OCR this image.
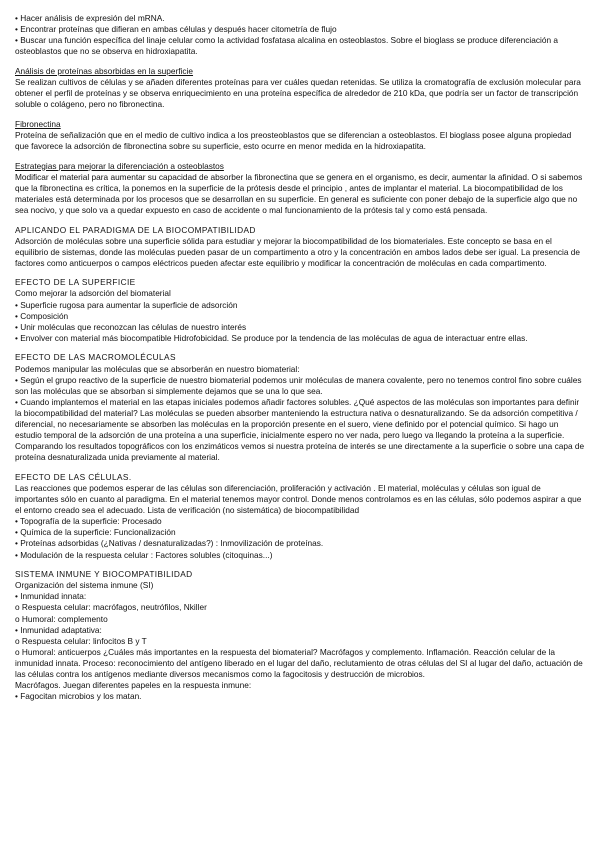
• Hacer análisis de expresión del mRNA.
• Encontrar proteínas que difieran en ambas células y después hacer citometría de flujo
• Buscar una función específica del linaje celular como la actividad fosfatasa alcalina en osteoblastos. Sobre el bioglass se produce diferenciación a osteoblastos que no se observa en hidroxiapatita.
Análisis de proteínas absorbidas en la superficie
Se realizan cultivos de células y se añaden diferentes proteínas para ver cuáles quedan retenidas. Se utiliza la cromatografía de exclusión molecular para obtener el perfil de proteínas y se observa enriquecimiento en una proteína específica de alrededor de 210 kDa, que podría ser un factor de transcripción soluble o colágeno, pero no fibronectina.
Fibronectina
Proteína de señalización que en el medio de cultivo indica a los preosteoblastos que se diferencian a osteoblastos. El bioglass posee alguna propiedad que favorece la adsorción de fibronectina sobre su superficie, esto ocurre en menor medida en la hidroxiapatita.
Estrategias para mejorar la diferenciación a osteoblastos
Modificar el material para aumentar su capacidad de absorber la fibronectina que se genera en el organismo, es decir, aumentar la afinidad. O si sabemos que la fibronectina es crítica, la ponemos en la superficie de la prótesis desde el principio , antes de implantar el material. La biocompatibilidad de los materiales está determinada por los procesos que se desarrollan en su superficie. En general es suficiente con poner debajo de la superficie algo que no sea nocivo, y que solo va a quedar expuesto en caso de accidente o mal funcionamiento de la prótesis tal y como está pensada.
APLICANDO EL PARADIGMA DE LA BIOCOMPATIBILIDAD
Adsorción de moléculas sobre una superficie sólida para estudiar y mejorar la biocompatibilidad de los biomateriales. Este concepto se basa en el equilibrio de sistemas, donde las moléculas pueden pasar de un compartimento a otro y la concentración en ambos lados debe ser igual. La presencia de factores como anticuerpos o campos eléctricos pueden afectar este equilibrio y modificar la concentración de moléculas en cada compartimento.
EFECTO DE LA SUPERFICIE
Como mejorar la adsorción del biomaterial
• Superficie rugosa para aumentar la superficie de adsorción
• Composición
• Unir moléculas que reconozcan las células de nuestro interés
• Envolver con material más biocompatible Hidrofobicidad. Se produce por la tendencia de las moléculas de agua de interactuar entre ellas.
EFECTO DE LAS MACROMOLÉCULAS
Podemos manipular las moléculas que se absorberán en nuestro biomaterial:
• Según el grupo reactivo de la superficie de nuestro biomaterial podemos unir moléculas de manera covalente, pero no tenemos control fino sobre cuáles son las moléculas que se absorban si simplemente dejamos que se una lo que sea.
• Cuando implantemos el material en las etapas iniciales podemos añadir factores solubles. ¿Qué aspectos de las moléculas son importantes para definir la biocompatibilidad del material? Las moléculas se pueden absorber manteniendo la estructura nativa o desnaturalizando. Se da adsorción competitiva / diferencial, no necesariamente se absorben las moléculas en la proporción presente en el suero, viene definido por el potencial químico. Si hago un estudio temporal de la adsorción de una proteína a una superficie, inicialmente espero no ver nada, pero luego va llegando la proteína a la superficie. Comparando los resultados topográficos con los enzimáticos vemos si nuestra proteína de interés se une directamente a la superficie o sobre una capa de proteína desnaturalizada unida previamente al material.
EFECTO DE LAS CÉLULAS.
Las reacciones que podemos esperar de las células son diferenciación, proliferación y activación . El material, moléculas y células son igual de importantes sólo en cuanto al paradigma. En el material tenemos mayor control. Donde menos controlamos es en las células, sólo podemos aspirar a que el entorno creado sea el adecuado. Lista de verificación (no sistemática) de biocompatibilidad
• Topografía de la superficie: Procesado
• Química de la superficie: Funcionalización
• Proteínas adsorbidas (¿Nativas / desnaturalizadas?) : Inmovilización de proteínas.
• Modulación de la respuesta celular : Factores solubles (citoquinas...)
SISTEMA INMUNE Y BIOCOMPATIBILIDAD
Organización del sistema inmune (SI)
• Inmunidad innata:
o Respuesta celular: macrófagos, neutrófilos, Nkiller
o Humoral: complemento
• Inmunidad adaptativa:
o Respuesta celular: linfocitos B y T
o Humoral: anticuerpos ¿Cuáles más importantes en la respuesta del biomaterial? Macrófagos y complemento. Inflamación. Reacción celular de la inmunidad innata. Proceso: reconocimiento del antígeno liberado en el lugar del daño, reclutamiento de otras células del SI al lugar del daño, actuación de las células contra los antígenos mediante diversos mecanismos como la fagocitosis y destrucción de microbios.
Macrófagos. Juegan diferentes papeles en la respuesta inmune:
• Fagocitan microbios y los matan.
